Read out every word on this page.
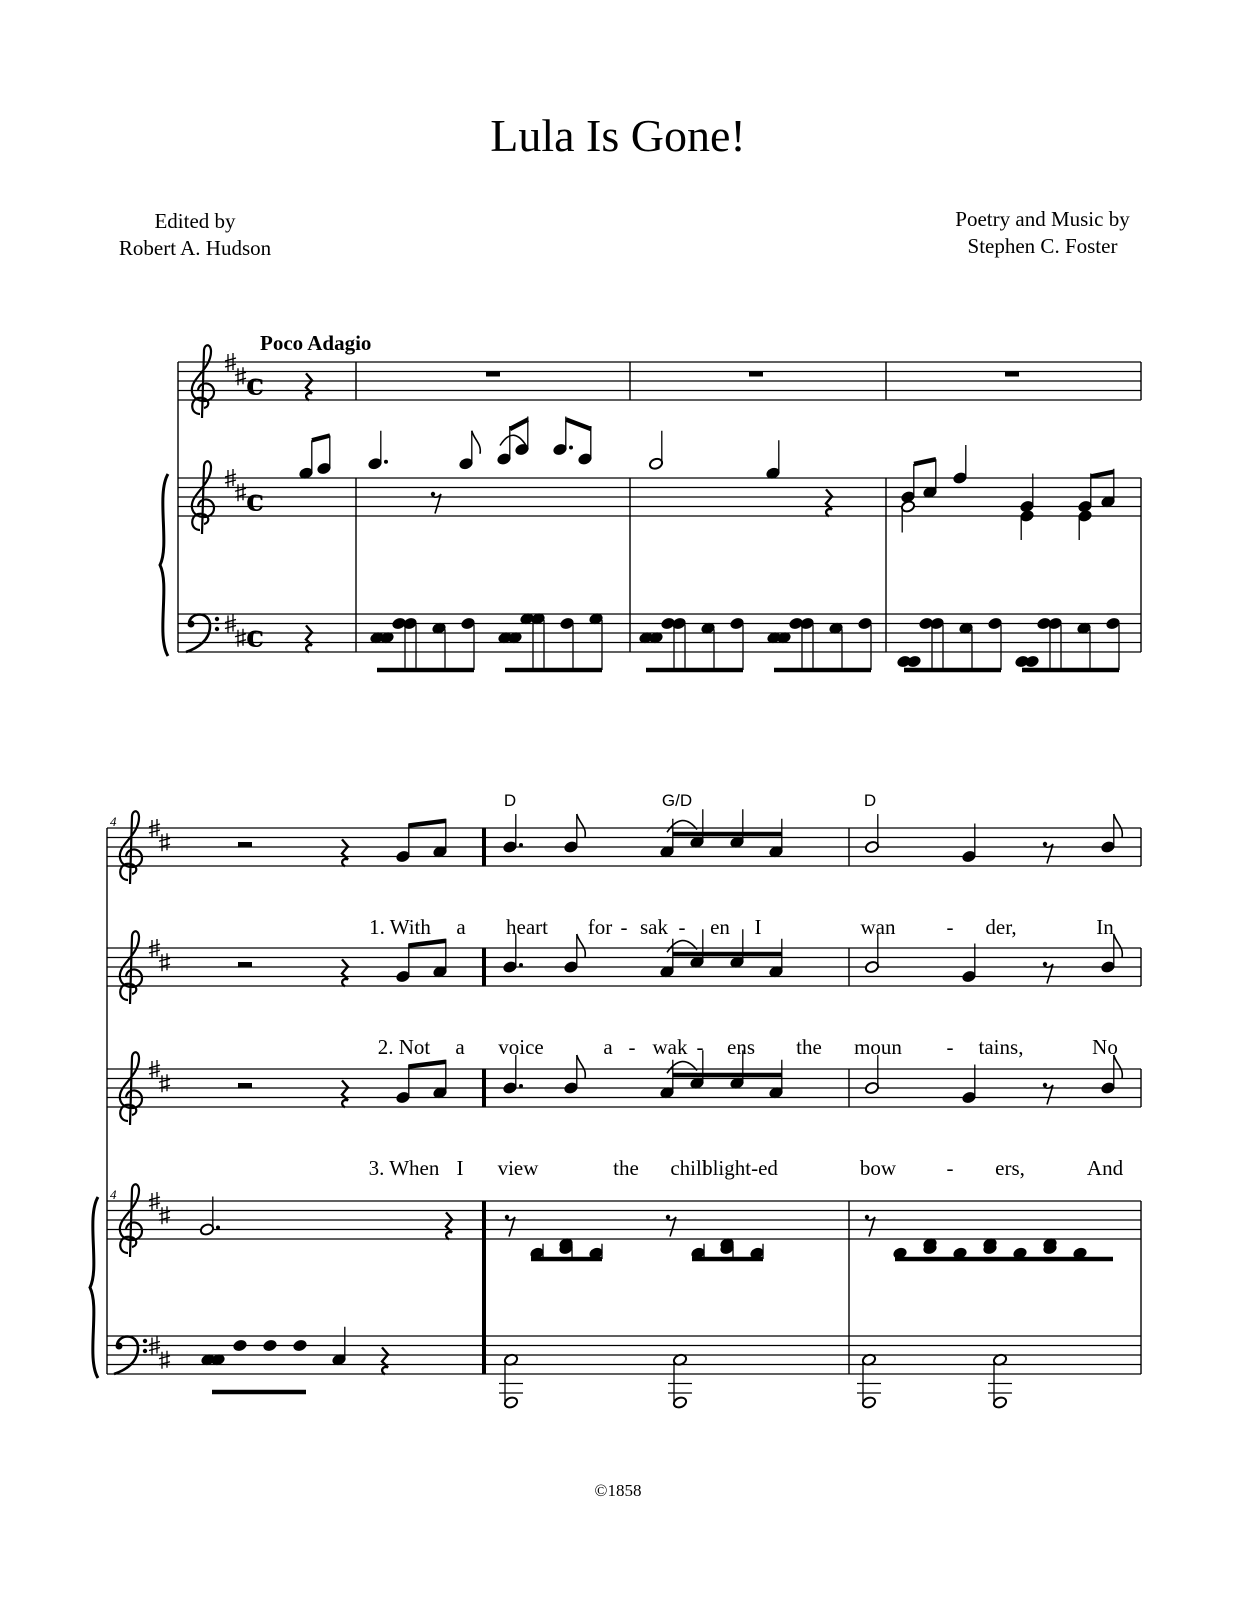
Lula Is Gone!
Edited by
Robert A. Hudson
Poetry and Music by
Stephen C. Foster
Poco Adagio
©1858
c
c
c
4
4
D	G/D	D
1. With a heart for - sak - en I	wan - der,	In
2. Not a voice	a - wak - ens the moun - tains,	No
3. When I view	the chill
blight-ed	bow - ers,	And
